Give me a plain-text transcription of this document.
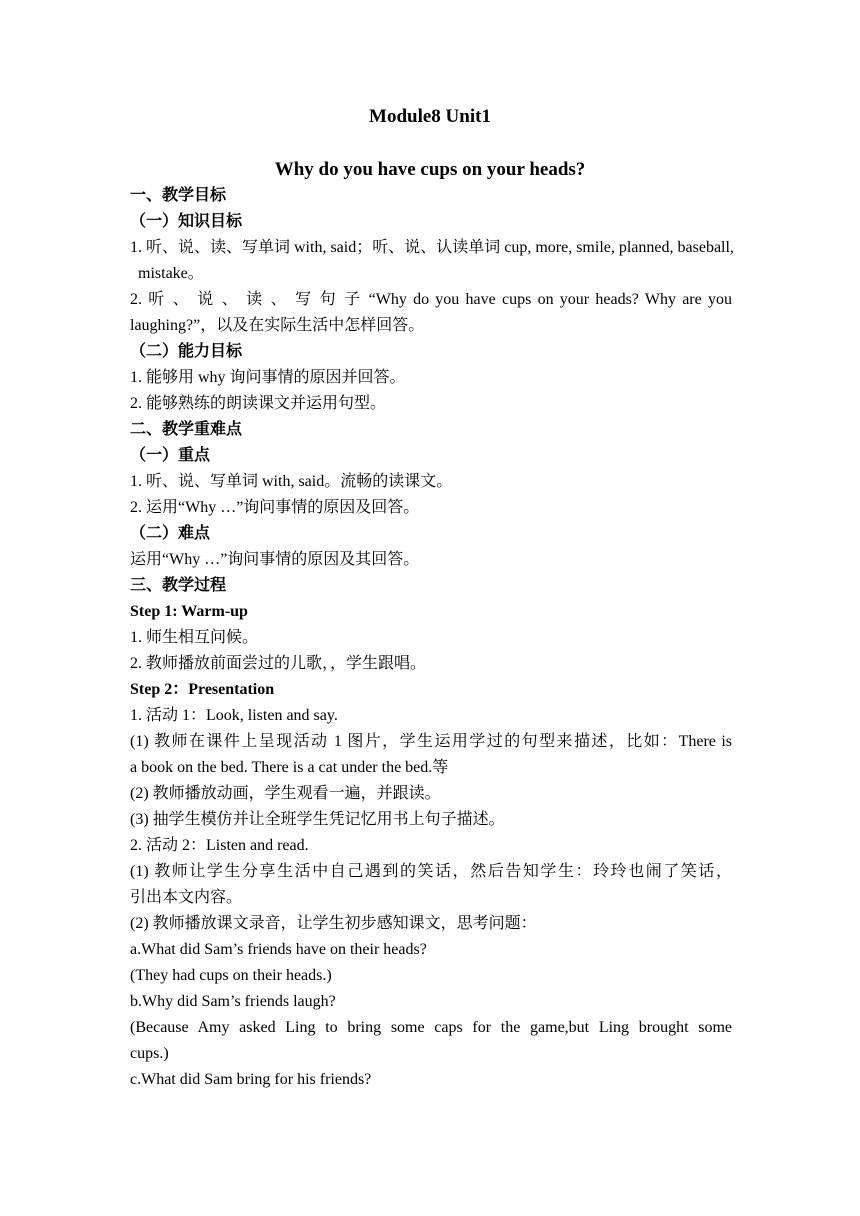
Module8 Unit1
Why do you have cups on your heads?
一、教学目标
（一）知识目标
1. 听、说、读、写单词 with, said；听、说、认读单词 cup, more, smile, planned, baseball,
mistake。
2. 听 、 说 、 读 、 写 句 子 “Why do you have cups on your heads? Why are you
laughing?”，以及在实际生活中怎样回答。
（二）能力目标
1. 能够用 why 询问事情的原因并回答。
2. 能够熟练的朗读课文并运用句型。
二、教学重难点
（一）重点
1. 听、说、写单词 with, said。流畅的读课文。
2. 运用“Why …”询问事情的原因及回答。
（二）难点
运用“Why …”询问事情的原因及其回答。
三、教学过程
Step 1: Warm-up
1. 师生相互问候。
2. 教师播放前面尝过的儿歌，，学生跟唱。
Step 2：Presentation
1. 活动 1：Look, listen and say.
(1) 教师在课件上呈现活动 1 图片，学生运用学过的句型来描述，比如：There is
a book on the bed. There is a cat under the bed.等
(2) 教师播放动画，学生观看一遍，并跟读。
(3) 抽学生模仿并让全班学生凭记忆用书上句子描述。
2. 活动 2：Listen and read.
(1) 教师让学生分享生活中自己遇到的笑话，然后告知学生：玲玲也闹了笑话，
引出本文内容。
(2) 教师播放课文录音，让学生初步感知课文，思考问题：
a.What did Sam’s friends have on their heads?
(They had cups on their heads.)
b.Why did Sam’s friends laugh?
(Because Amy asked Ling to bring some caps for the game,but Ling brought some
cups.)
c.What did Sam bring for his friends?
